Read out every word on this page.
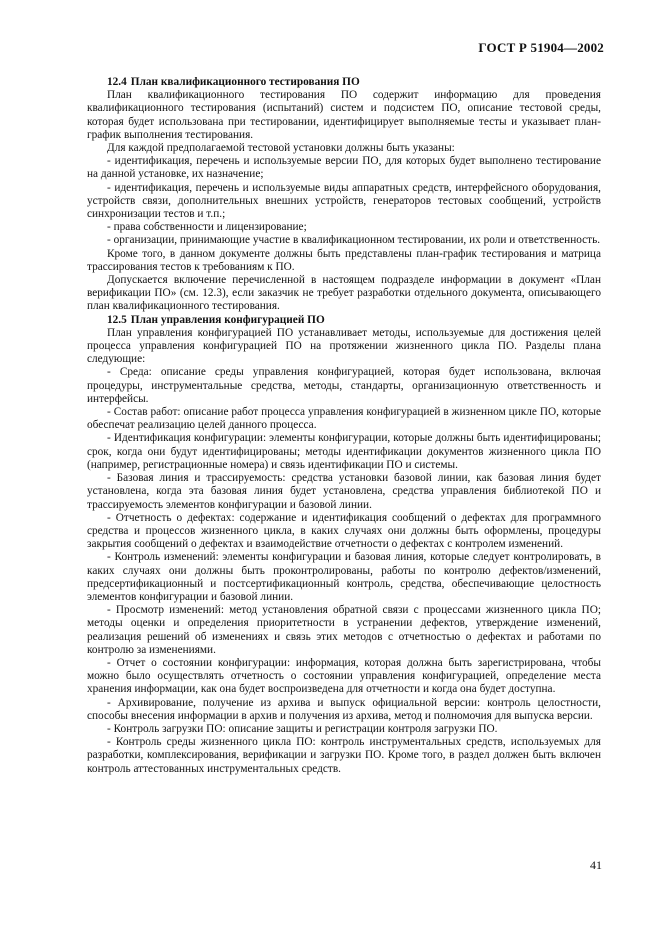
ГОСТ Р 51904—2002
12.4 План квалификационного тестирования ПО

План квалификационного тестирования ПО содержит информацию для проведения квалификационного тестирования (испытаний) систем и подсистем ПО, описание тестовой среды, которая будет использована при тестировании, идентифицирует выполняемые тесты и указывает план-график выполнения тестирования.

Для каждой предполагаемой тестовой установки должны быть указаны:

- идентификация, перечень и используемые версии ПО, для которых будет выполнено тестирование на данной установке, их назначение;

- идентификация, перечень и используемые виды аппаратных средств, интерфейсного оборудования, устройств связи, дополнительных внешних устройств, генераторов тестовых сообщений, устройств синхронизации тестов и т.п.;

- права собственности и лицензирование;

- организации, принимающие участие в квалификационном тестировании, их роли и ответственность.

Кроме того, в данном документе должны быть представлены план-график тестирования и матрица трассирования тестов к требованиям к ПО.

Допускается включение перечисленной в настоящем подразделе информации в документ «План верификации ПО» (см. 12.3), если заказчик не требует разработки отдельного документа, описывающего план квалификационного тестирования.

12.5 План управления конфигурацией ПО

План управления конфигурацией ПО устанавливает методы, используемые для достижения целей процесса управления конфигурацией ПО на протяжении жизненного цикла ПО. Разделы плана следующие:

- Среда: описание среды управления конфигурацией, которая будет использована, включая процедуры, инструментальные средства, методы, стандарты, организационную ответственность и интерфейсы.

- Состав работ: описание работ процесса управления конфигурацией в жизненном цикле ПО, которые обеспечат реализацию целей данного процесса.

- Идентификация конфигурации: элементы конфигурации, которые должны быть идентифицированы; срок, когда они будут идентифицированы; методы идентификации документов жизненного цикла ПО (например, регистрационные номера) и связь идентификации ПО и системы.

- Базовая линия и трассируемость: средства установки базовой линии, как базовая линия будет установлена, когда эта базовая линия будет установлена, средства управления библиотекой ПО и трассируемость элементов конфигурации и базовой линии.

- Отчетность о дефектах: содержание и идентификация сообщений о дефектах для программного средства и процессов жизненного цикла, в каких случаях они должны быть оформлены, процедуры закрытия сообщений о дефектах и взаимодействие отчетности о дефектах с контролем изменений.

- Контроль изменений: элементы конфигурации и базовая линия, которые следует контролировать, в каких случаях они должны быть проконтролированы, работы по контролю дефектов/изменений, предсертификационный и постсертификационный контроль, средства, обеспечивающие целостность элементов конфигурации и базовой линии.

- Просмотр изменений: метод установления обратной связи с процессами жизненного цикла ПО; методы оценки и определения приоритетности в устранении дефектов, утверждение изменений, реализация решений об изменениях и связь этих методов с отчетностью о дефектах и работами по контролю за изменениями.

- Отчет о состоянии конфигурации: информация, которая должна быть зарегистрирована, чтобы можно было осуществлять отчетность о состоянии управления конфигурацией, определение места хранения информации, как она будет воспроизведена для отчетности и когда она будет доступна.

- Архивирование, получение из архива и выпуск официальной версии: контроль целостности, способы внесения информации в архив и получения из архива, метод и полномочия для выпуска версии.

- Контроль загрузки ПО: описание защиты и регистрации контроля загрузки ПО.

- Контроль среды жизненного цикла ПО: контроль инструментальных средств, используемых для разработки, комплексирования, верификации и загрузки ПО. Кроме того, в раздел должен быть включен контроль аттестованных инструментальных средств.

41
